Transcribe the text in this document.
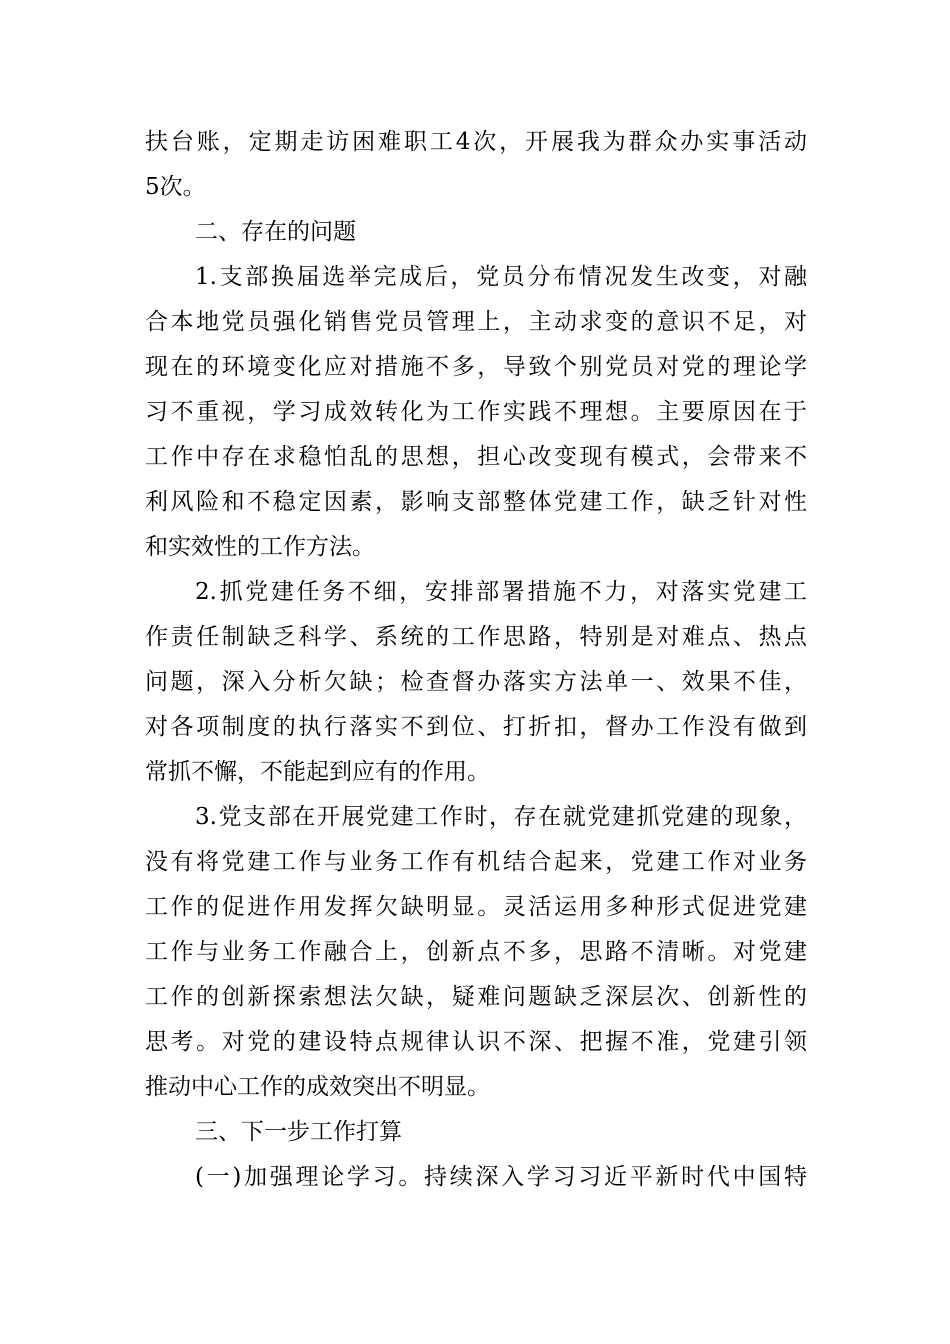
扶台账，定期走访困难职工4次，开展我为群众办实事活动
5次。
二、存在的问题
1.支部换届选举完成后，党员分布情况发生改变，对融
合本地党员强化销售党员管理上，主动求变的意识不足，对
现在的环境变化应对措施不多，导致个别党员对党的理论学
习不重视，学习成效转化为工作实践不理想。主要原因在于
工作中存在求稳怕乱的思想，担心改变现有模式，会带来不
利风险和不稳定因素，影响支部整体党建工作，缺乏针对性
和实效性的工作方法。
2.抓党建任务不细，安排部署措施不力，对落实党建工
作责任制缺乏科学、系统的工作思路，特别是对难点、热点
问题，深入分析欠缺；检查督办落实方法单一、效果不佳，
对各项制度的执行落实不到位、打折扣，督办工作没有做到
常抓不懈，不能起到应有的作用。
3.党支部在开展党建工作时，存在就党建抓党建的现象，
没有将党建工作与业务工作有机结合起来，党建工作对业务
工作的促进作用发挥欠缺明显。灵活运用多种形式促进党建
工作与业务工作融合上，创新点不多，思路不清晰。对党建
工作的创新探索想法欠缺，疑难问题缺乏深层次、创新性的
思考。对党的建设特点规律认识不深、把握不准，党建引领
推动中心工作的成效突出不明显。
三、下一步工作打算
(一)加强理论学习。持续深入学习习近平新时代中国特
